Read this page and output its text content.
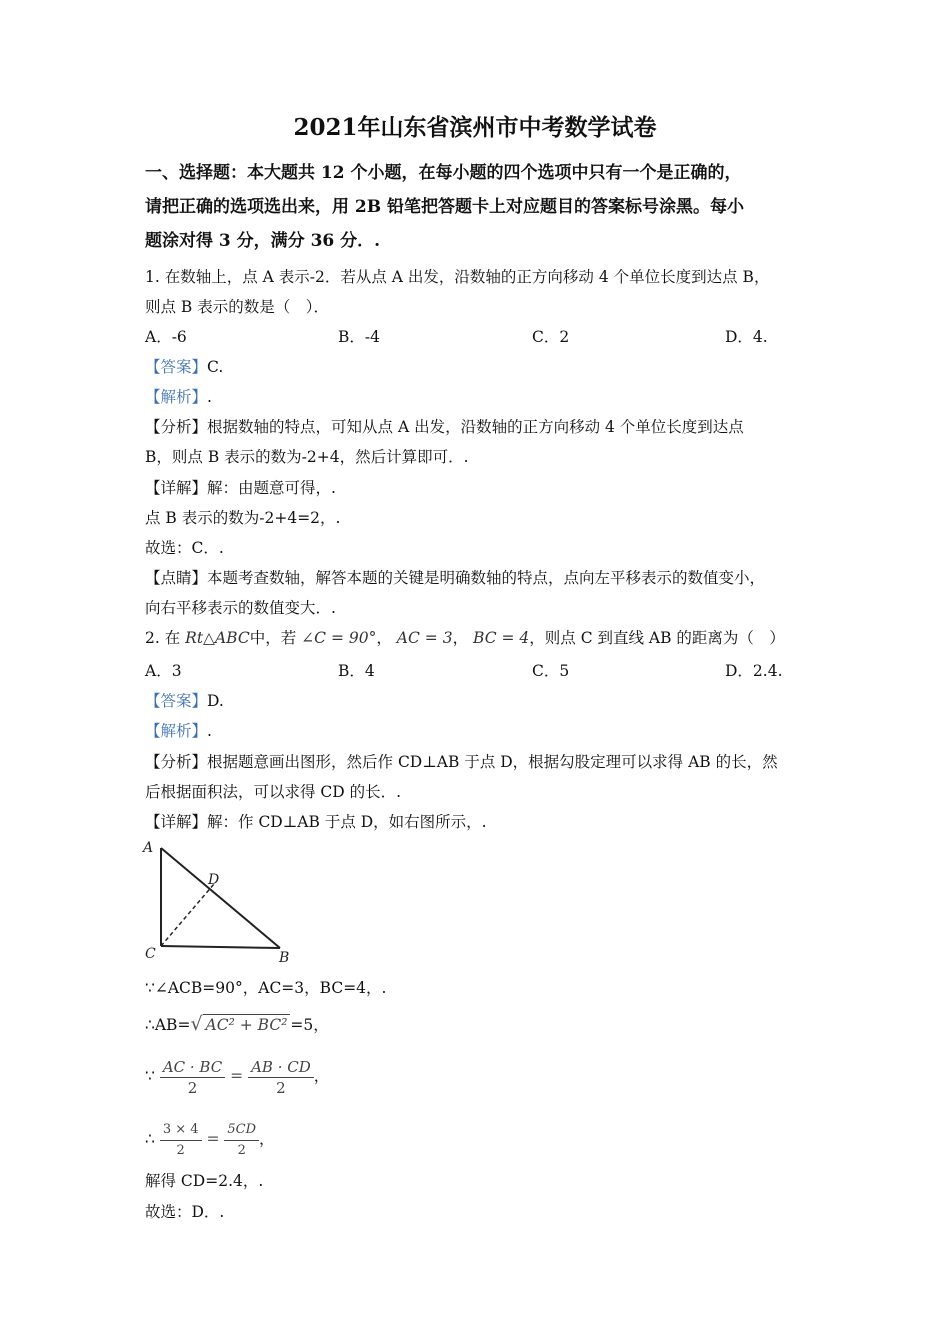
2021年山东省滨州市中考数学试卷
一、选择题：本大题共 12 个小题，在每小题的四个选项中只有一个是正确的，
请把正确的选项选出来，用 2B 铅笔把答题卡上对应题目的答案标号涂黑。每小
题涂对得 3 分，满分 36 分．.
1. 在数轴上，点 A 表示-2．若从点 A 出发，沿数轴的正方向移动 4 个单位长度到达点 B，
则点 B 表示的数是（　）．
A．-6	B．-4	C．2	D．4.
【答案】C.
【解析】.
【分析】根据数轴的特点，可知从点 A 出发，沿数轴的正方向移动 4 个单位长度到达点
B，则点 B 表示的数为-2+4，然后计算即可．.
【详解】解：由题意可得，.
点 B 表示的数为-2+4=2，.
故选：C．.
【点睛】本题考查数轴，解答本题的关键是明确数轴的特点，点向左平移表示的数值变小，
向右平移表示的数值变大．.
2. 在 Rt△ABC中，若 ∠C = 90°， AC = 3， BC = 4，则点 C 到直线 AB 的距离为（　）
A．3	B．4	C．5	D．2.4.
【答案】D.
【解析】.
【分析】根据题意画出图形，然后作 CD⊥AB 于点 D，根据勾股定理可以求得 AB 的长，然
后根据面积法，可以求得 CD 的长．.
【详解】解：作 CD⊥AB 于点 D，如右图所示，.
A
D
C	B
∵∠ACB=90°，AC=3，BC=4，.
∴AB=√ AC² + BC² =5，
∵ $\frac{AC \cdot BC}{2} = \frac{AB \cdot CD}{2}$ ，
∴ $\frac{3 \times 4}{2} = \frac{5CD}{2}$ ，
解得 CD=2.4，.
故选：D．.
